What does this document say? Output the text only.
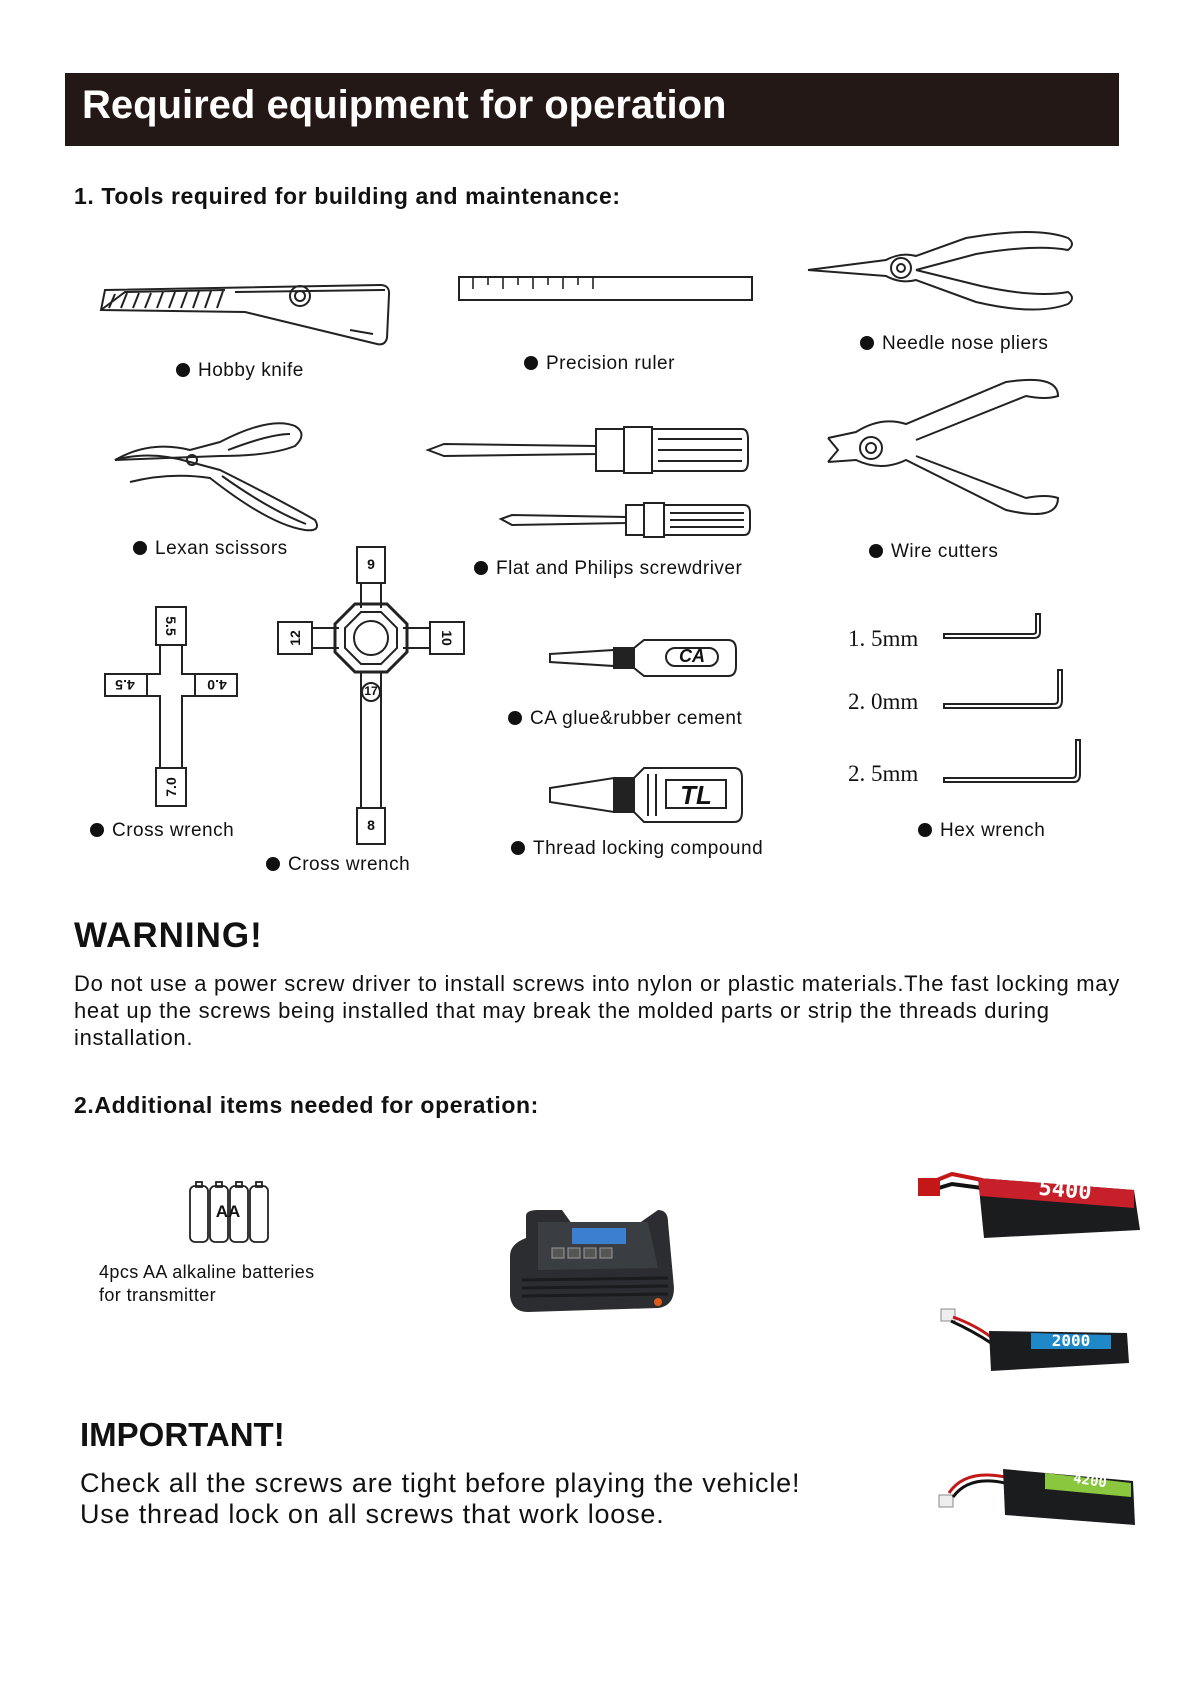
Required equipment for operation
1. Tools required for building and maintenance:
Hobby knife	Precision ruler
Needle nose pliers
Lexan scissors
Flat and Philips screwdriver
Wire cutters
5.5
4.5	4.0
7.0
Cross wrench
9
12	10
17
8
Cross wrench
CA
CA glue&rubber cement
TL
Thread locking compound
1. 5mm
2. 0mm
2. 5mm
Hex wrench
WARNING!
Do not use a power screw driver to install screws into nylon or plastic materials.The fast locking may heat up the screws being installed that may break the molded parts or strip the threads during installation.
2.Additional items needed for operation:
AA
4pcs AA alkaline batteries
for transmitter
5400
2000
4200
IMPORTANT!
Check all the screws are tight before playing the vehicle!
Use thread lock on all screws that work loose.
